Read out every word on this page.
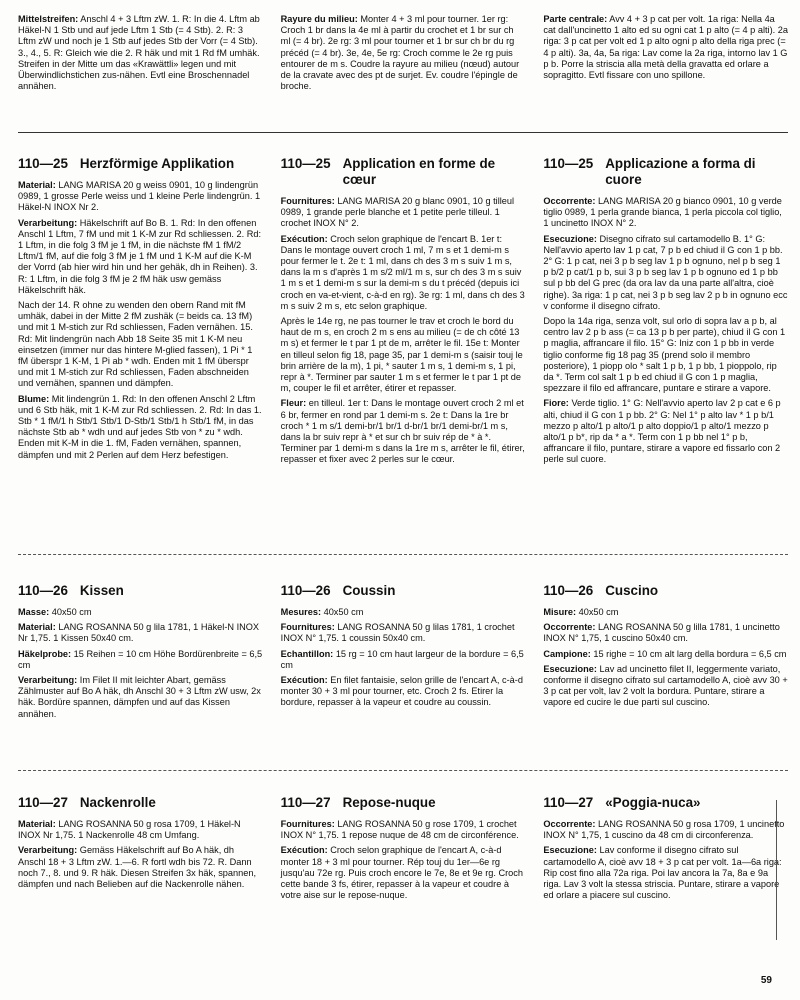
Mittelstreifen: Anschl 4 + 3 Lftm zW. 1. R: In die 4. Lftm ab Häkel-N 1 Stb und auf jede Lftm 1 Stb (= 4 Stb). 2. R: 3 Lftm zW und noch je 1 Stb auf jedes Stb der Vorr (= 4 Stb). 3., 4., 5. R: Gleich wie die 2. R häk und mit 1 Rd fM umhäk. Streifen in der Mitte um das «Krawättli» legen und mit Überwindlichstichen zus-nähen. Evtl eine Broschennadel annähen.

Rayure du milieu: Monter 4 + 3 ml pour tourner. 1er rg: Croch 1 br dans la 4e ml à partir du crochet et 1 br sur ch ml (= 4 br). 2e rg: 3 ml pour tourner et 1 br sur ch br du rg précéd (= 4 br). 3e, 4e, 5e rg: Croch comme le 2e rg puis entourer de m s. Coudre la rayure au milieu (nœud) autour de la cravate avec des pt de surjet. Ev. coudre l'épingle de broche.

Parte centrale: Avv 4 + 3 p cat per volt. 1a riga: Nella 4a cat dall'uncinetto 1 alto ed su ogni cat 1 p alto (= 4 p alti). 2a riga: 3 p cat per volt ed 1 p alto ogni p alto della riga prec (= 4 p alti). 3a, 4a, 5a riga: Lav come la 2a riga, intorno lav 1 G p b. Porre la striscia alla metà della gravatta ed orlare a sopragitto. Evtl fissare con uno spillone.

110—25 Herzförmige Applikation

Material: LANG MARISA 20 g weiss 0901, 10 g lindengrün 0989, 1 grosse Perle weiss und 1 kleine Perle lindengrün. 1 Häkel-N INOX Nr 2.

Verarbeitung: Häkelschrift auf Bo B. 1. Rd: In den offenen Anschl 1 Lftm, 7 fM und mit 1 K-M zur Rd schliessen. 2. Rd: 1 Lftm, in die folg 3 fM je 1 fM, in die nächste fM 1 fM/2 Lftm/1 fM, auf die folg 3 fM je 1 fM und 1 K-M auf die K-M der Vorrd (ab hier wird hin und her gehäk, dh in Reihen). 3. R: 1 Lftm, in die folg 3 fM je 2 fM häk usw gemäss Häkelschrift häk.

Nach der 14. R ohne zu wenden den obern Rand mit fM umhäk, dabei in der Mitte 2 fM zushäk (= beids ca. 13 fM) und mit 1 M-stich zur Rd schliessen, Faden vernähen. 15. Rd: Mit lindengrün nach Abb 18 Seite 35 mit 1 K-M neu einsetzen (immer nur das hintere M-glied fassen), 1 Pi * 1 fM überspr 1 K-M, 1 Pi ab * wdh. Enden mit 1 fM überspr und mit 1 M-stich zur Rd schliessen, Faden abschneiden und vernähen, spannen und dämpfen.

Blume: Mit lindengrün 1. Rd: In den offenen Anschl 2 Lftm und 6 Stb häk, mit 1 K-M zur Rd schliessen. 2. Rd: In das 1. Stb * 1 fM/1 h Stb/1 Stb/1 D-Stb/1 Stb/1 h Stb/1 fM, in das nächste Stb ab * wdh und auf jedes Stb von * zu * wdh. Enden mit K-M in die 1. fM, Faden vernähen, spannen, dämpfen und mit 2 Perlen auf dem Herz befestigen.

110—25 Application en forme de cœur

Fournitures: LANG MARISA 20 g blanc 0901, 10 g tilleul 0989, 1 grande perle blanche et 1 petite perle tilleul. 1 crochet INOX N° 2.

Exécution: Croch selon graphique de l'encart B. 1er t: Dans le montage ouvert croch 1 ml, 7 m s et 1 demi-m s pour fermer le t. 2e t: 1 ml, dans ch des 3 m s suiv 1 m s, dans la m s d'après 1 m s/2 ml/1 m s, sur ch des 3 m s suiv 1 m s et 1 demi-m s sur la demi-m s du t précéd (depuis ici croch en va-et-vient, c-à-d en rg). 3e rg: 1 ml, dans ch des 3 m s suiv 2 m s, etc selon graphique.

Après le 14e rg, ne pas tourner le trav et croch le bord du haut de m s, en croch 2 m s ens au milieu (= de ch côté 13 m s) et fermer le t par 1 pt de m, arrêter le fil. 15e t: Monter en tilleul selon fig 18, page 35, par 1 demi-m s (saisir touj le brin arrière de la m), 1 pi, * sauter 1 m s, 1 demi-m s, 1 pi, repr à *. Terminer par sauter 1 m s et fermer le t par 1 pt de m, couper le fil et arrêter, étirer et repasser.

Fleur: en tilleul. 1er t: Dans le montage ouvert croch 2 ml et 6 br, fermer en rond par 1 demi-m s. 2e t: Dans la 1re br croch * 1 m s/1 demi-br/1 br/1 d-br/1 br/1 demi-br/1 m s, dans la br suiv repr à * et sur ch br suiv rép de * à *. Terminer par 1 demi-m s dans la 1re m s, arrêter le fil, étirer, repasser et fixer avec 2 perles sur le cœur.

110—25 Applicazione a forma di cuore

Occorrente: LANG MARISA 20 g bianco 0901, 10 g verde tiglio 0989, 1 perla grande bianca, 1 perla piccola col tiglio, 1 uncinetto INOX N° 2.

Esecuzione: Disegno cifrato sul cartamodello B. 1° G: Nell'avvio aperto lav 1 p cat, 7 p b ed chiud il G con 1 p bb. 2° G: 1 p cat, nei 3 p b seg lav 1 p b ognuno, nel p b seg 1 p b/2 p cat/1 p b, sui 3 p b seg lav 1 p b ognuno ed 1 p bb sul p bb del G prec (da ora lav da una parte all'altra, cioè righe). 3a riga: 1 p cat, nei 3 p b seg lav 2 p b in ognuno ecc v conforme il disegno cifrato.

Dopo la 14a riga, senza volt, sul orlo di sopra lav a p b, al centro lav 2 p b ass (= ca 13 p b per parte), chiud il G con 1 p maglia, affrancare il filo. 15° G: Iniz con 1 p bb in verde tiglio conforme fig 18 pag 35 (prend solo il membro posteriore), 1 piopp olo * salt 1 p b, 1 p bb, 1 pioppolo, rip da *. Term col salt 1 p b ed chiud il G con 1 p maglia, spezzare il filo ed affrancare, puntare e stirare a vapore.

Fiore: Verde tiglio. 1° G: Nell'avvio aperto lav 2 p cat e 6 p alti, chiud il G con 1 p bb. 2° G: Nel 1° p alto lav * 1 p b/1 mezzo p alto/1 p alto/1 p alto doppio/1 p alto/1 mezzo p alto/1 p b*, rip da * a *. Term con 1 p bb nel 1° p b, affrancare il filo, puntare, stirare a vapore ed fissarlo con 2 perle sul cuore.

110—26 Kissen

Masse: 40x50 cm

Material: LANG ROSANNA 50 g lila 1781, 1 Häkel-N INOX Nr 1,75. 1 Kissen 50x40 cm.

Häkelprobe: 15 Reihen = 10 cm Höhe Bordürenbreite = 6,5 cm

Verarbeitung: Im Filet II mit leichter Abart, gemäss Zählmuster auf Bo A häk, dh Anschl 30 + 3 Lftm zW usw, 2x häk. Bordüre spannen, dämpfen und auf das Kissen annähen.

110—26 Coussin

Mesures: 40x50 cm

Fournitures: LANG ROSANNA 50 g lilas 1781, 1 crochet INOX N° 1,75. 1 coussin 50x40 cm.

Echantillon: 15 rg = 10 cm haut largeur de la bordure = 6,5 cm

Exécution: En filet fantaisie, selon grille de l'encart A, c-à-d monter 30 + 3 ml pour tourner, etc. Croch 2 fs. Etirer la bordure, repasser à la vapeur et coudre au coussin.

110—26 Cuscino

Misure: 40x50 cm

Occorrente: LANG ROSANNA 50 g lilla 1781, 1 uncinetto INOX N° 1,75, 1 cuscino 50x40 cm.

Campione: 15 righe = 10 cm alt larg della bordura = 6,5 cm

Esecuzione: Lav ad uncinetto filet II, leggermente variato, conforme il disegno cifrato sul cartamodello A, cioè avv 30 + 3 p cat per volt, lav 2 volt la bordura. Puntare, stirare a vapore ed cucire le due parti sul cuscino.

110—27 Nackenrolle

Material: LANG ROSANNA 50 g rosa 1709, 1 Häkel-N INOX Nr 1,75. 1 Nackenrolle 48 cm Umfang.

Verarbeitung: Gemäss Häkelschrift auf Bo A häk, dh Anschl 18 + 3 Lftm zW. 1.—6. R fortl wdh bis 72. R. Dann noch 7., 8. und 9. R häk. Diesen Streifen 3x häk, spannen, dämpfen und nach Belieben auf die Nackenrolle nähen.

110—27 Repose-nuque

Fournitures: LANG ROSANNA 50 g rose 1709, 1 crochet INOX N° 1,75. 1 repose nuque de 48 cm de circonférence.

Exécution: Croch selon graphique de l'encart A, c-à-d monter 18 + 3 ml pour tourner. Rép touj du 1er—6e rg jusqu'au 72e rg. Puis croch encore le 7e, 8e et 9e rg. Croch cette bande 3 fs, étirer, repasser à la vapeur et coudre à votre aise sur le repose-nuque.

110—27 «Poggia-nuca»

Occorrente: LANG ROSANNA 50 g rosa 1709, 1 uncinetto INOX N° 1,75, 1 cuscino da 48 cm di circonferenza.

Esecuzione: Lav conforme il disegno cifrato sul cartamodello A, cioè avv 18 + 3 p cat per volt. 1a—6a riga: Rip cost fino alla 72a riga. Poi lav ancora la 7a, 8a e 9a riga. Lav 3 volt la stessa striscia. Puntare, stirare a vapore ed orlare a piacere sul cuscino.

59
